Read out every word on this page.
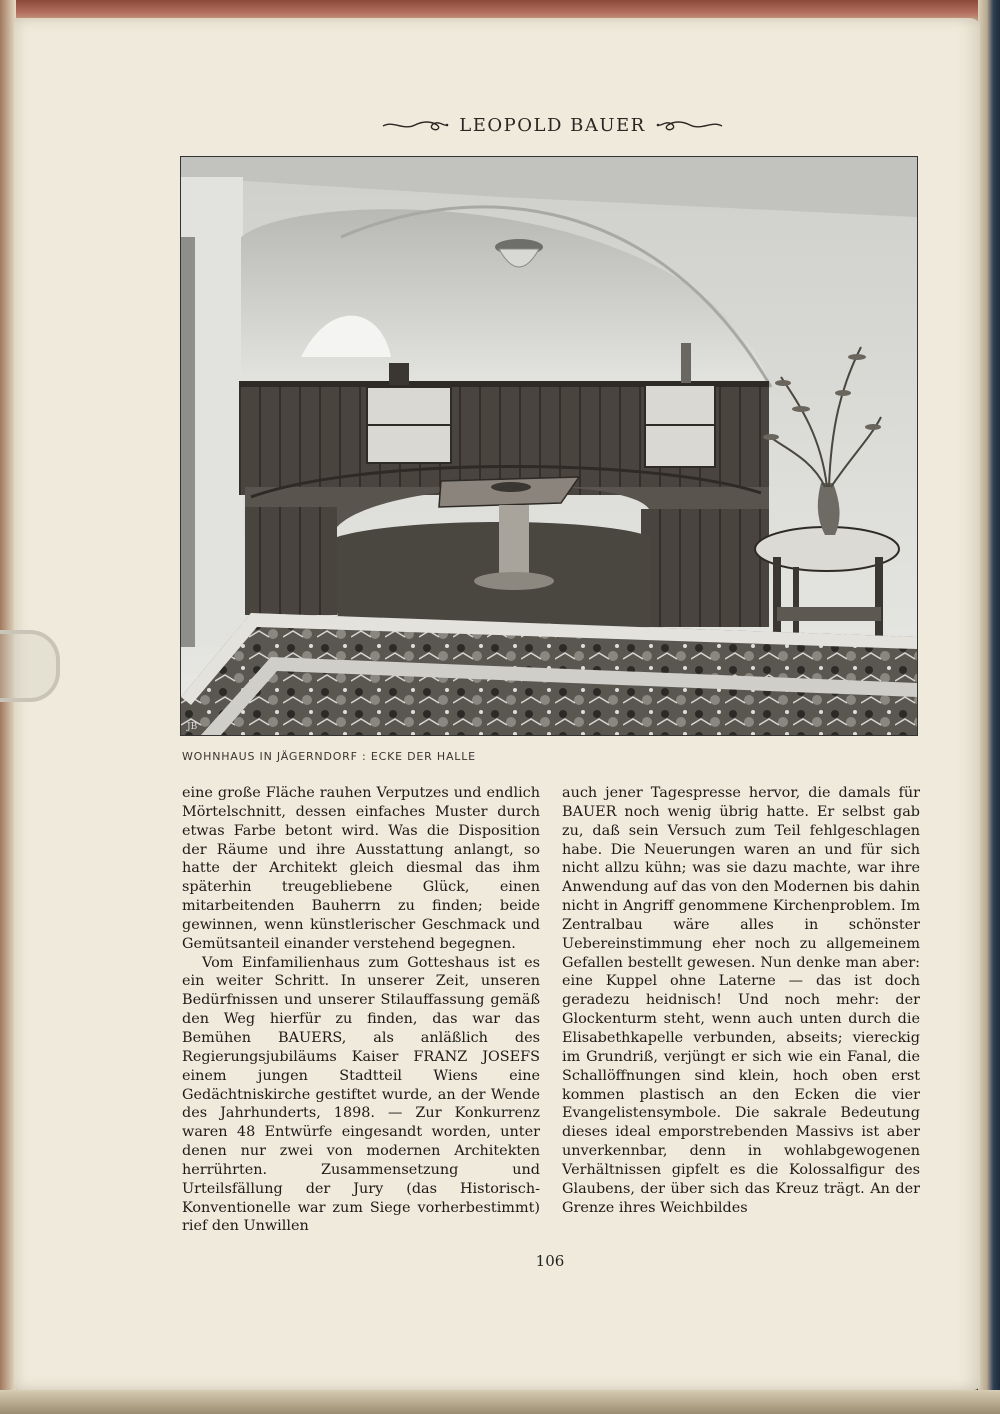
LEOPOLD BAUER
JB
WOHNHAUS IN JÄGERNDORF : ECKE DER HALLE

eine große Fläche rauhen Verputzes und endlich Mörtelschnitt, dessen einfaches Muster durch etwas Farbe betont wird. Was die Disposition der Räume und ihre Ausstattung anlangt, so hatte der Architekt gleich diesmal das ihm späterhin treugebliebene Glück, einen mitarbeitenden Bauherrn zu finden; beide gewinnen, wenn künstlerischer Geschmack und Gemütsanteil einander verstehend begegnen.

Vom Einfamilienhaus zum Gotteshaus ist es ein weiter Schritt. In unserer Zeit, unseren Bedürfnissen und unserer Stilauffassung gemäß den Weg hierfür zu finden, das war das Bemühen BAUERS, als anläßlich des Regierungsjubiläums Kaiser FRANZ JOSEFS einem jungen Stadtteil Wiens eine Gedächtniskirche gestiftet wurde, an der Wende des Jahrhunderts, 1898. — Zur Konkurrenz waren 48 Entwürfe eingesandt worden, unter denen nur zwei von modernen Architekten herrührten. Zusammensetzung und Urteilsfällung der Jury (das Historisch-Konventionelle war zum Siege vorherbestimmt) rief den Unwillen

auch jener Tagespresse hervor, die damals für BAUER noch wenig übrig hatte. Er selbst gab zu, daß sein Versuch zum Teil fehlgeschlagen habe. Die Neuerungen waren an und für sich nicht allzu kühn; was sie dazu machte, war ihre Anwendung auf das von den Modernen bis dahin nicht in Angriff genommene Kirchenproblem. Im Zentralbau wäre alles in schönster Uebereinstimmung eher noch zu allgemeinem Gefallen bestellt gewesen. Nun denke man aber: eine Kuppel ohne Laterne — das ist doch geradezu heidnisch! Und noch mehr: der Glockenturm steht, wenn auch unten durch die Elisabethkapelle verbunden, abseits; viereckig im Grundriß, verjüngt er sich wie ein Fanal, die Schallöffnungen sind klein, hoch oben erst kommen plastisch an den Ecken die vier Evangelistensymbole. Die sakrale Bedeutung dieses ideal emporstrebenden Massivs ist aber unverkennbar, denn in wohlabgewogenen Verhältnissen gipfelt es die Kolossalfigur des Glaubens, der über sich das Kreuz trägt. An der Grenze ihres Weichbildes

106
